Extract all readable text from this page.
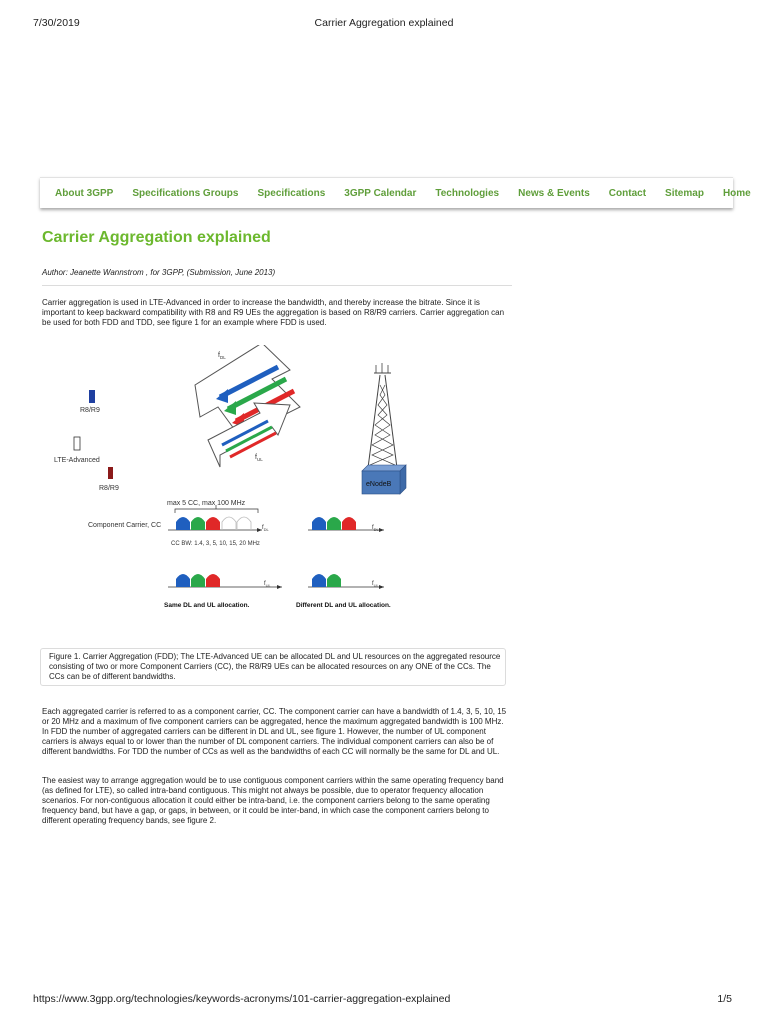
7/30/2019	Carrier Aggregation explained
About 3GPP Specifications Groups Specifications 3GPP Calendar Technologies News & Events Contact Sitemap Home
Carrier Aggregation explained
Author: Jeanette Wannstrom , for 3GPP, (Submission, June 2013)

Carrier aggregation is used in LTE-Advanced in order to increase the bandwidth, and thereby increase the bitrate. Since it is important to keep backward compatibility with R8 and R9 UEs the aggregation is based on R8/R9 carriers. Carrier aggregation can be used for both FDD and TDD, see figure 1 for an example where FDD is used.

$f_{DL}$
$f_{UL}$
R8/R9
LTE-Advanced
R8/R9
eNodeB
max 5 CC, max 100 MHz
Component Carrier, CC	$f_{DL}$
CC BW: 1.4, 3, 5, 10, 15, 20 MHz
$f_{DL}$
$f_{UL}$
Same DL and UL allocation.
$f_{UL}$
Different DL and UL allocation.
Figure 1. Carrier Aggregation (FDD); The LTE-Advanced UE can be allocated DL and UL resources on the aggregated resource consisting of two or more Component Carriers (CC), the R8/R9 UEs can be allocated resources on any ONE of the CCs. The CCs can be of different bandwidths.

Each aggregated carrier is referred to as a component carrier, CC. The component carrier can have a bandwidth of 1.4, 3, 5, 10, 15 or 20 MHz and a maximum of five component carriers can be aggregated, hence the maximum aggregated bandwidth is 100 MHz. In FDD the number of aggregated carriers can be different in DL and UL, see figure 1. However, the number of UL component carriers is always equal to or lower than the number of DL component carriers. The individual component carriers can also be of different bandwidths. For TDD the number of CCs as well as the bandwidths of each CC will normally be the same for DL and UL.

The easiest way to arrange aggregation would be to use contiguous component carriers within the same operating frequency band (as defined for LTE), so called intra-band contiguous. This might not always be possible, due to operator frequency allocation scenarios. For non-contiguous allocation it could either be intra-band, i.e. the component carriers belong to the same operating frequency band, but have a gap, or gaps, in between, or it could be inter-band, in which case the component carriers belong to different operating frequency bands, see figure 2.

https://www.3gpp.org/technologies/keywords-acronyms/101-carrier-aggregation-explained	1/5
